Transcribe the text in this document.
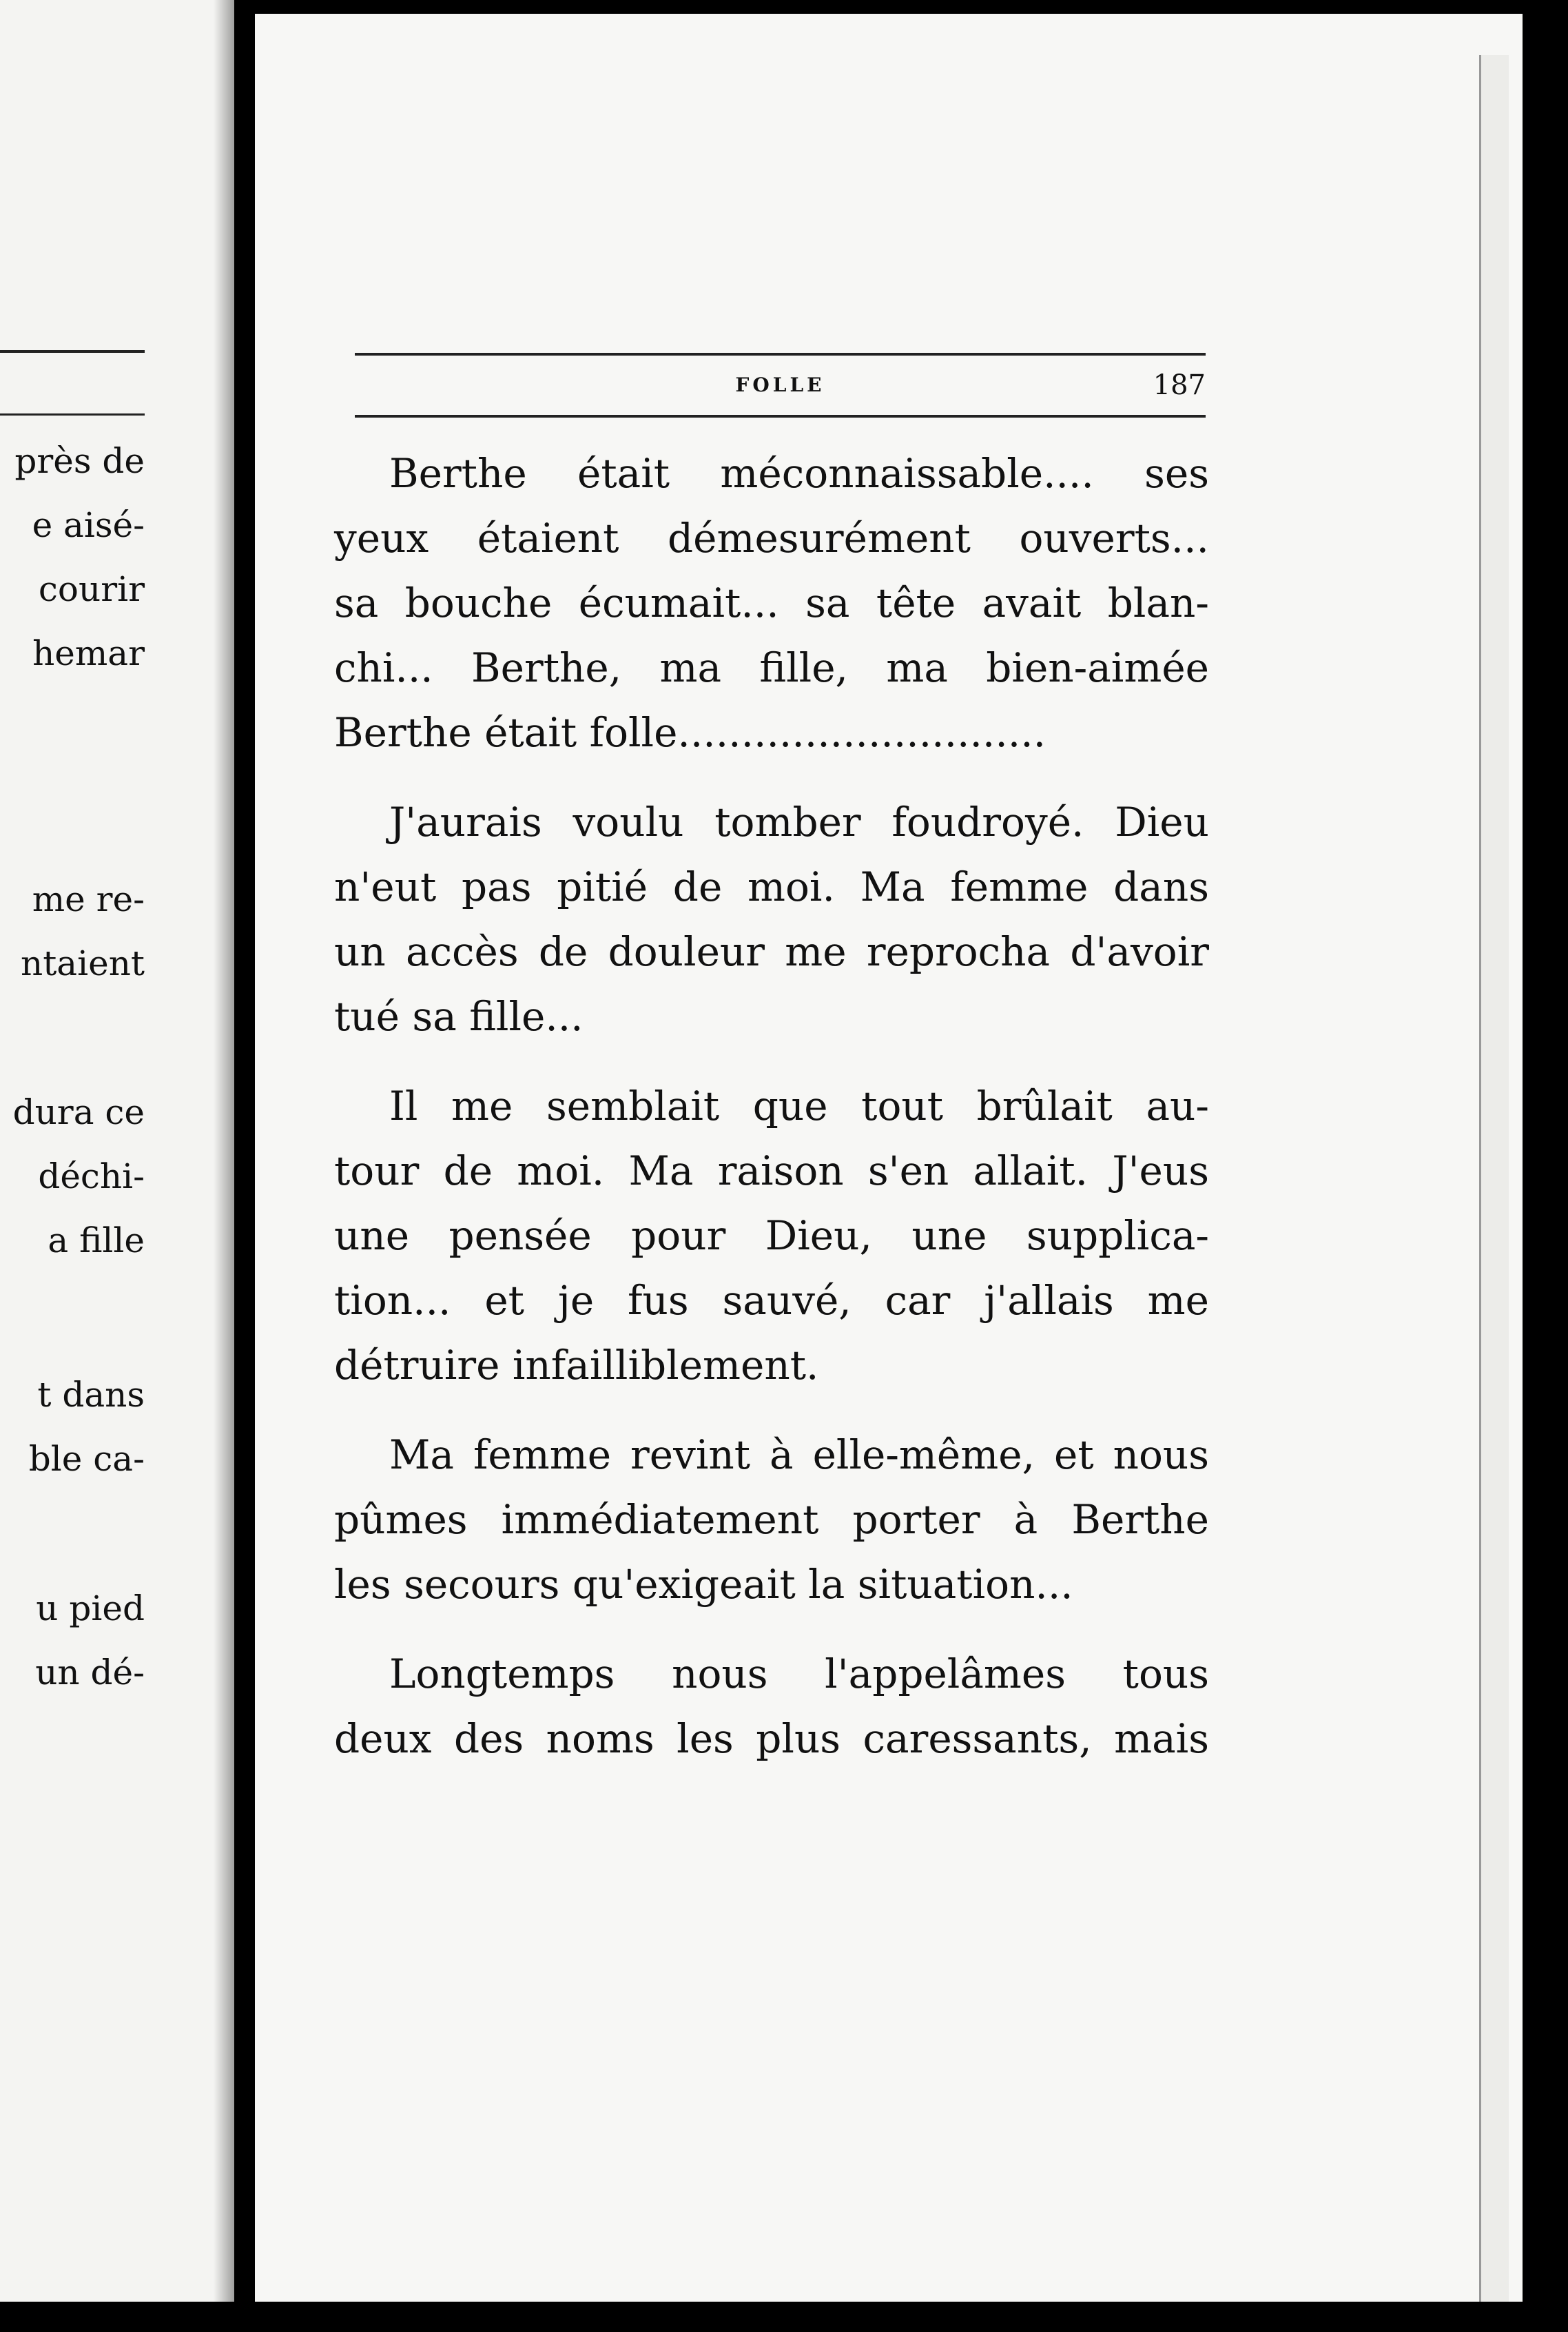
près de
e aisé-
courir
hemar
me re-
ntaient
dura ce
déchi-
a fille
t dans
ble ca-
u pied
un dé-
FOLLE	187

Berthe était méconnaissable.... ses
yeux étaient démesurément ouverts...
sa bouche écumait... sa tête avait blan-
chi... Berthe, ma fille, ma bien-aimée
Berthe était folle.............................

J'aurais voulu tomber foudroyé. Dieu
n'eut pas pitié de moi. Ma femme dans
un accès de douleur me reprocha d'avoir
tué sa fille...

Il me semblait que tout brûlait au-
tour de moi. Ma raison s'en allait. J'eus
une pensée pour Dieu, une supplica-
tion... et je fus sauvé, car j'allais me
détruire infailliblement.

Ma femme revint à elle-même, et nous
pûmes immédiatement porter à Berthe
les secours qu'exigeait la situation...

Longtemps nous l'appelâmes tous
deux des noms les plus caressants, mais
